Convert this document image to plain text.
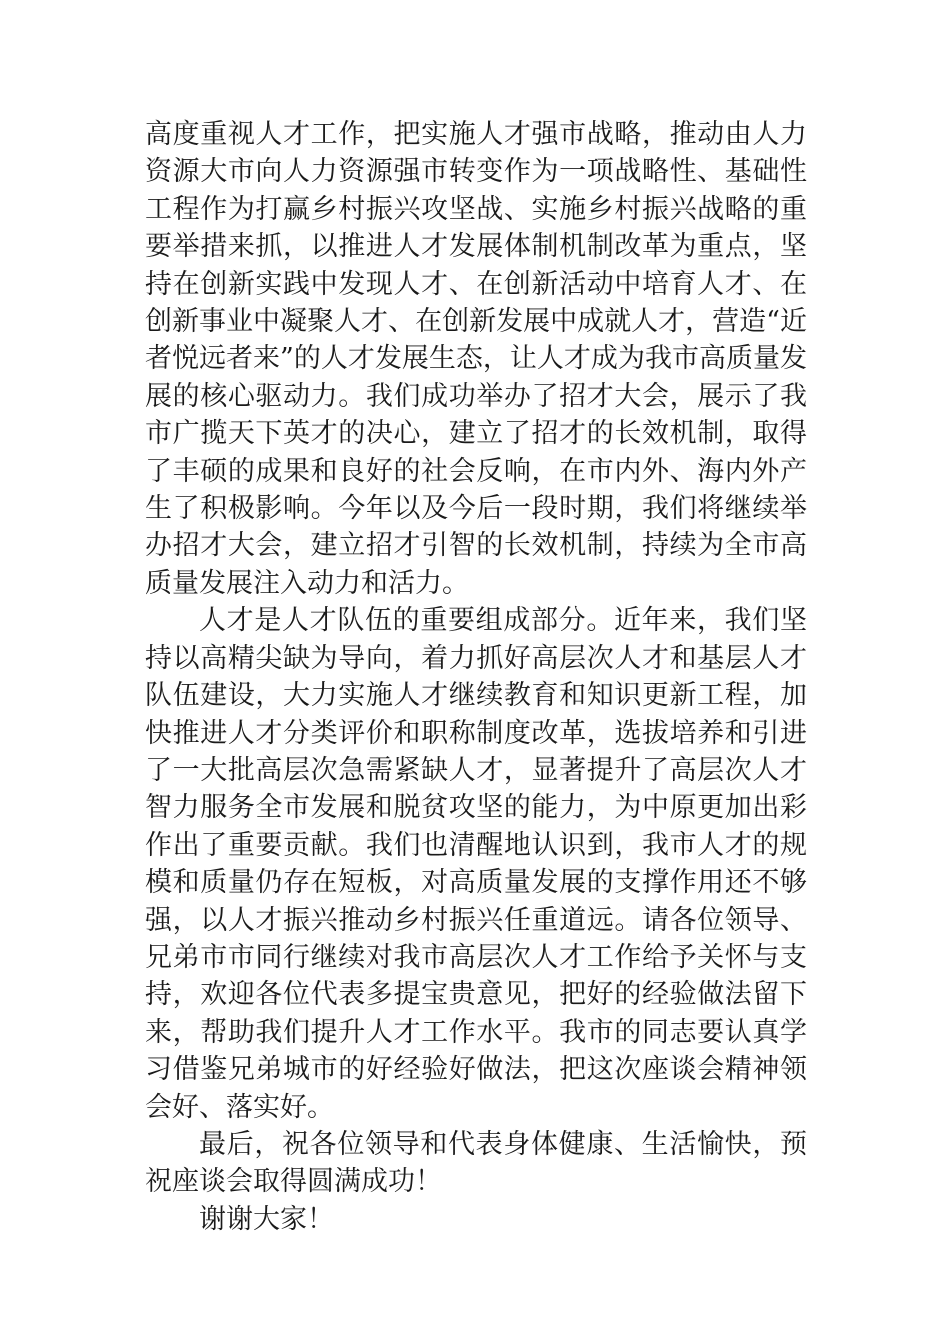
高度重视人才工作，把实施人才强市战略，推动由人力资源大市向人力资源强市转变作为一项战略性、基础性工程作为打赢乡村振兴攻坚战、实施乡村振兴战略的重要举措来抓，以推进人才发展体制机制改革为重点，坚持在创新实践中发现人才、在创新活动中培育人才、在创新事业中凝聚人才、在创新发展中成就人才，营造“近者悦远者来”的人才发展生态，让人才成为我市高质量发展的核心驱动力。我们成功举办了招才大会，展示了我市广揽天下英才的决心，建立了招才的长效机制，取得了丰硕的成果和良好的社会反响，在市内外、海内外产生了积极影响。今年以及今后一段时期，我们将继续举办招才大会，建立招才引智的长效机制，持续为全市高质量发展注入动力和活力。

人才是人才队伍的重要组成部分。近年来，我们坚持以高精尖缺为导向，着力抓好高层次人才和基层人才队伍建设，大力实施人才继续教育和知识更新工程，加快推进人才分类评价和职称制度改革，选拔培养和引进了一大批高层次急需紧缺人才，显著提升了高层次人才智力服务全市发展和脱贫攻坚的能力，为中原更加出彩作出了重要贡献。我们也清醒地认识到，我市人才的规模和质量仍存在短板，对高质量发展的支撑作用还不够强，以人才振兴推动乡村振兴任重道远。请各位领导、兄弟市市同行继续对我市高层次人才工作给予关怀与支持，欢迎各位代表多提宝贵意见，把好的经验做法留下来，帮助我们提升人才工作水平。我市的同志要认真学习借鉴兄弟城市的好经验好做法，把这次座谈会精神领会好、落实好。

最后，祝各位领导和代表身体健康、生活愉快，预祝座谈会取得圆满成功！

谢谢大家！
